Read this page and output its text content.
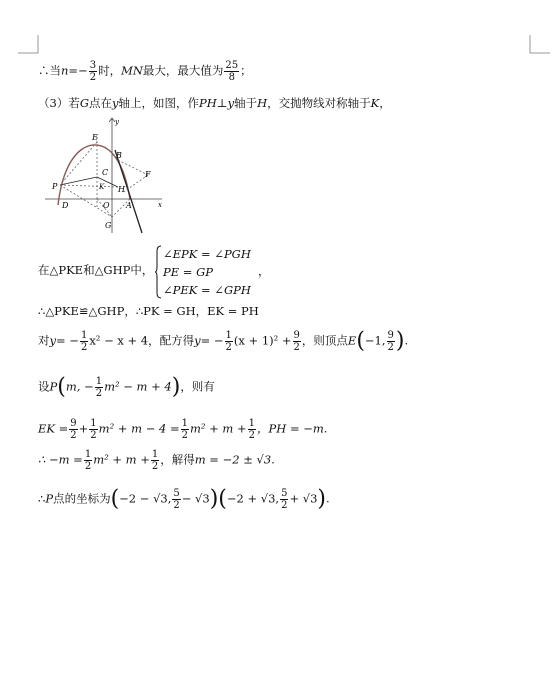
∴当$n=- \frac{3}{2}$ 时，MN最大，最大值为 $\frac{25}{8}$ ；
（3）若G点在y轴上，如图，作PH⊥y轴于H，交抛物线对称轴于K，
E
B
C
K H
F
P
D	O A
G
x
y
在△PKE和△GHP中，
∠EPK = ∠PGH
PE = GP
∠PEK = ∠GPH
，
∴△PKE≌△GHP，∴PK = GH，EK = PH
对$y= - \frac{1}{2} x^2 - x + 4$，配方得$y= - \frac{1}{2} (x + 1)^2 + \frac{9}{2}$ ，则顶点E(−1, $\frac{9}{2}$ ).
设P(m, − $\frac{1}{2} m^2 - m + 4$)，则有
EK = $\frac{9}{2} + \frac{1}{2} m^2 + m - 4 = \frac{1}{2} m^2 + m + \frac{1}{2}$ ，PH = −m.
∴ $-m = \frac{1}{2} m^2 + m + \frac{1}{2}$ ，解得m = −2 ± √3.
∴P点的坐标为(−2 − √3, $\frac{5}{2} - √3)(-2 + √3$, $\frac{5}{2} + √3$).
